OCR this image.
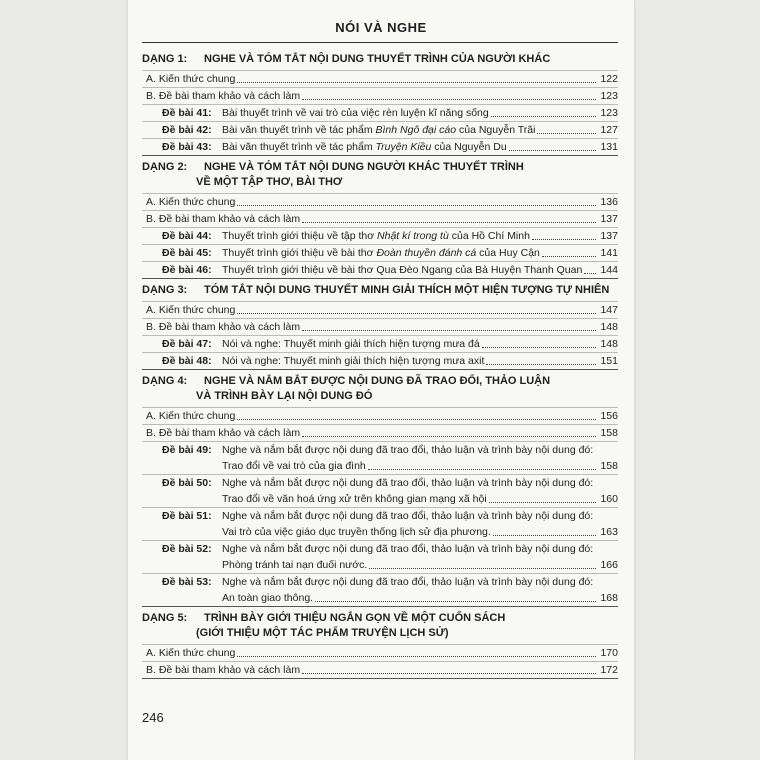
NÓI VÀ NGHE
DẠNG 1: NGHE VÀ TÓM TẮT NỘI DUNG THUYẾT TRÌNH CỦA NGƯỜI KHÁC
A. Kiến thức chung	122
B. Đề bài tham khảo và cách làm	123
Đề bài 41: Bài thuyết trình về vai trò của việc rèn luyện kĩ năng sống	123
Đề bài 42: Bài văn thuyết trình về tác phẩm Bình Ngô đại cáo của Nguyễn Trãi	127
Đề bài 43: Bài văn thuyết trình về tác phẩm Truyện Kiều của Nguyễn Du	131
DẠNG 2: NGHE VÀ TÓM TẮT NỘI DUNG NGƯỜI KHÁC THUYẾT TRÌNH
VỀ MỘT TẬP THƠ, BÀI THƠ
A. Kiến thức chung	136
B. Đề bài tham khảo và cách làm	137
Đề bài 44: Thuyết trình giới thiệu về tập thơ Nhật kí trong tù của Hồ Chí Minh	137
Đề bài 45: Thuyết trình giới thiệu về bài thơ Đoàn thuyền đánh cá của Huy Cận	141
Đề bài 46: Thuyết trình giới thiệu về bài thơ Qua Đèo Ngang của Bà Huyện Thanh Quan 144
DẠNG 3: TÓM TẮT NỘI DUNG THUYẾT MINH GIẢI THÍCH MỘT HIỆN TƯỢNG TỰ NHIÊN
A. Kiến thức chung	147
B. Đề bài tham khảo và cách làm	148
Đề bài 47: Nói và nghe: Thuyết minh giải thích hiện tượng mưa đá	148
Đề bài 48: Nói và nghe: Thuyết minh giải thích hiện tượng mưa axit	151
DẠNG 4: NGHE VÀ NẮM BẮT ĐƯỢC NỘI DUNG ĐÃ TRAO ĐỔI, THẢO LUẬN
VÀ TRÌNH BÀY LẠI NỘI DUNG ĐÓ
A. Kiến thức chung	156
B. Đề bài tham khảo và cách làm	158
Đề bài 49: Nghe và nắm bắt được nội dung đã trao đổi, thảo luận và trình bày nội dung đó:
Trao đổi về vai trò của gia đình	158
Đề bài 50: Nghe và nắm bắt được nội dung đã trao đổi, thảo luận và trình bày nội dung đó:
Trao đổi về văn hoá ứng xử trên không gian mạng xã hội	160
Đề bài 51: Nghe và nắm bắt được nội dung đã trao đổi, thảo luận và trình bày nội dung đó:
Vai trò của việc giáo dục truyền thống lịch sử địa phương.	163
Đề bài 52: Nghe và nắm bắt được nội dung đã trao đổi, thảo luận và trình bày nội dung đó:
Phòng tránh tai nạn đuối nước.	166
Đề bài 53: Nghe và nắm bắt được nội dung đã trao đổi, thảo luận và trình bày nội dung đó:
An toàn giao thông.	168
DẠNG 5: TRÌNH BÀY GIỚI THIỆU NGẮN GỌN VỀ MỘT CUỐN SÁCH
(GIỚI THIỆU MỘT TÁC PHẨM TRUYỆN LỊCH SỬ)
A. Kiến thức chung	170
B. Đề bài tham khảo và cách làm	172
246
